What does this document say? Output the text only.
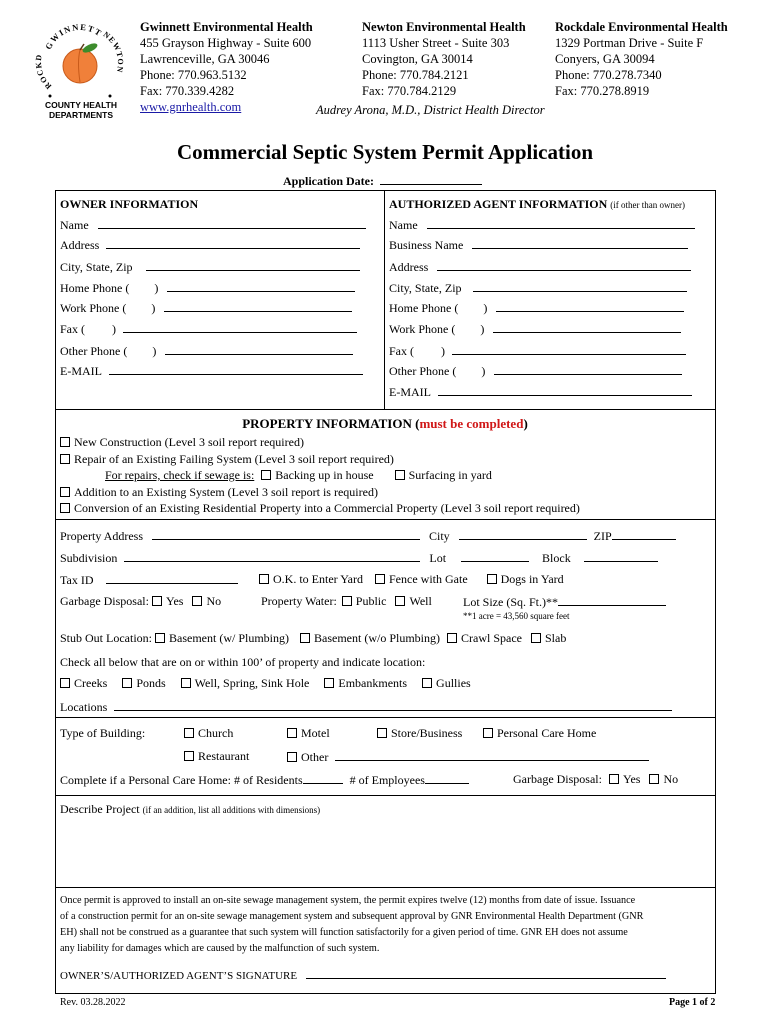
GWINNETT
NEWTON
ROCKD
COUNTY HEALTH
DEPARTMENTS
Gwinnett Environmental Health
455 Grayson Highway - Suite 600
Lawrenceville, GA 30046
Phone: 770.963.5132
Fax: 770.339.4282
www.gnrhealth.com
Newton Environmental Health
1113 Usher Street - Suite 303
Covington, GA 30014
Phone: 770.784.2121
Fax: 770.784.2129
Rockdale Environmental Health
1329 Portman Drive - Suite F
Conyers, GA 30094
Phone: 770.278.7340
Fax: 770.278.8919
Audrey Arona, M.D., District Health Director
Commercial Septic System Permit Application
Application Date:
OWNER INFORMATION
Name
Address
City, State, Zip
Home Phone ( )
Work Phone ( )
Fax ( )
Other Phone ( )
E-MAIL
AUTHORIZED AGENT INFORMATION (if other than owner)
Name
Business Name
Address
City, State, Zip
Home Phone ( )
Work Phone ( )
Fax ( )
Other Phone ( )
E-MAIL
PROPERTY INFORMATION (must be completed)
New Construction (Level 3 soil report required)
Repair of an Existing Failing System (Level 3 soil report required)
For repairs, check if sewage is: Backing up in house	Surfacing in yard
Addition to an Existing System (Level 3 soil report is required)
Conversion of an Existing Residential Property into a Commercial Property (Level 3 soil report required)
Property Address	City	ZIP
Subdivision	Lot	Block
Tax ID	O.K. to Enter Yard Fence with Gate	Dogs in Yard
Garbage Disposal: Yes No	Property Water: Public Well	Lot Size (Sq. Ft.)**
**1 acre = 43,560 square feet
Stub Out Location: Basement (w/ Plumbing) Basement (w/o Plumbing) Crawl Space Slab
Check all below that are on or within 100’ of property and indicate location:
Creeks Ponds Well, Spring, Sink Hole Embankments Gullies
Locations
Type of Building:	Church	Motel	Store/Business	Personal Care Home
Restaurant	Other
Complete if a Personal Care Home: # of Residents	# of Employees	Garbage Disposal: Yes No
Describe Project (if an addition, list all additions with dimensions)
Once permit is approved to install an on-site sewage management system, the permit expires twelve (12) months from date of issue. Issuance
of a construction permit for an on-site sewage management system and subsequent approval by GNR Environmental Health Department (GNR
EH) shall not be construed as a guarantee that such system will function satisfactorily for a given period of time. GNR EH does not assume
any liability for damages which are caused by the malfunction of such system.
OWNER’S/AUTHORIZED AGENT’S SIGNATURE
Rev. 03.28.2022	Page 1 of 2
